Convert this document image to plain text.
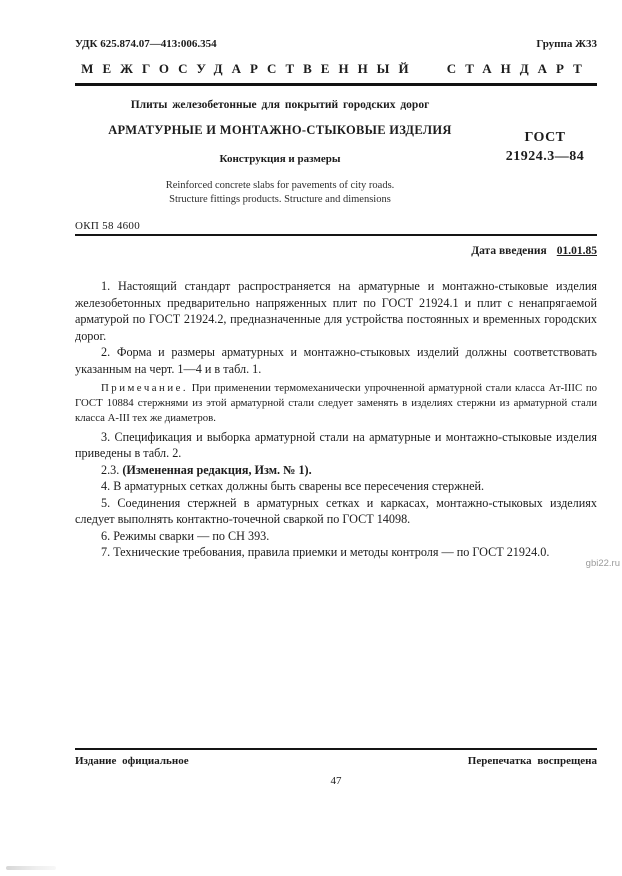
УДК 625.874.07—413:006.354	Группа Ж33
МЕЖГОСУДАРСТВЕННЫЙ СТАНДАРТ
Плиты железобетонные для покрытий городских дорог
АРМАТУРНЫЕ И МОНТАЖНО-СТЫКОВЫЕ ИЗДЕЛИЯ
Конструкция и размеры
Reinforced concrete slabs for pavements of city roads.
Structure fittings products. Structure and dimensions
ГОСТ
21924.3—84
ОКП 58 4600
Дата введения 01.01.85

1. Настоящий стандарт распространяется на арматурные и монтажно-стыковые изделия железобетонных предварительно напряженных плит по ГОСТ 21924.1 и плит с ненапрягаемой арматурой по ГОСТ 21924.2, предназначенные для устройства постоянных и временных городских дорог.

2. Форма и размеры арматурных и монтажно-стыковых изделий должны соответствовать указанным на черт. 1—4 и в табл. 1.

Примечание. При применении термомеханически упрочненной арматурной стали класса Ат-IIIС по ГОСТ 10884 стержнями из этой арматурной стали следует заменять в изделиях стержни из арматурной стали класса А-III тех же диаметров.

3. Спецификация и выборка арматурной стали на арматурные и монтажно-стыковые изделия приведены в табл. 2.

2.3. (Измененная редакция, Изм. № 1).

4. В арматурных сетках должны быть сварены все пересечения стержней.

5. Соединения стержней в арматурных сетках и каркасах, монтажно-стыковых изделиях следует выполнять контактно-точечной сваркой по ГОСТ 14098.

6. Режимы сварки — по СН 393.

7. Технические требования, правила приемки и методы контроля — по ГОСТ 21924.0.

gbi22.ru
Издание официальное	Перепечатка воспрещена
47
